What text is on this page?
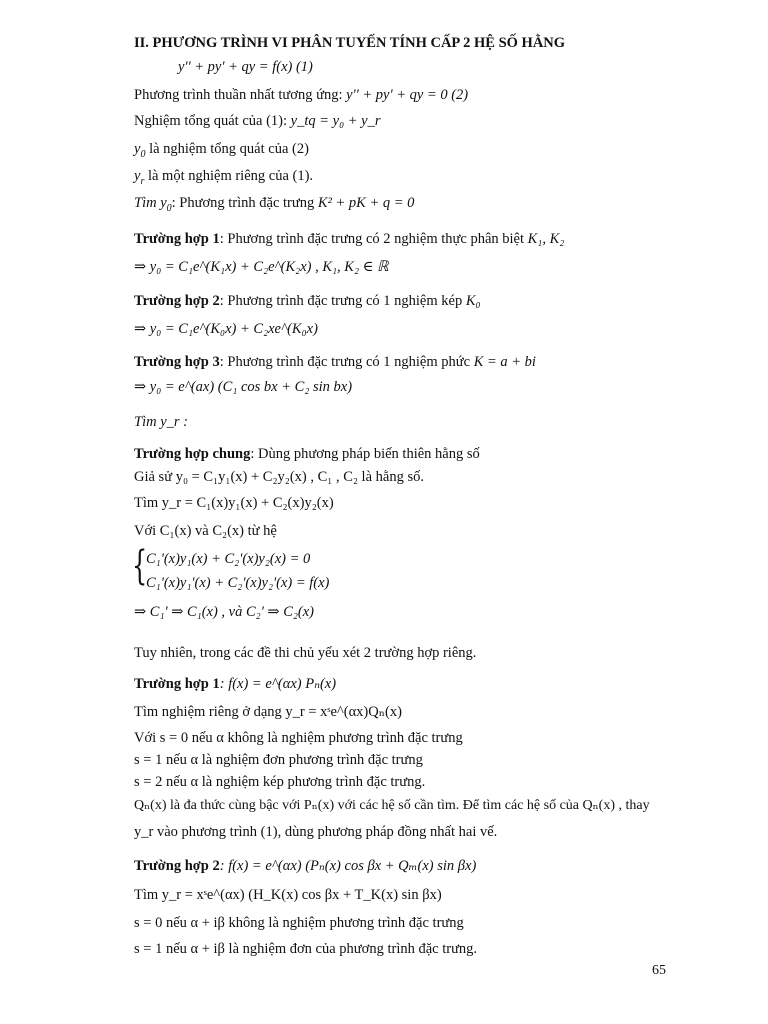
II. PHƯƠNG TRÌNH VI PHÂN TUYẾN TÍNH CẤP 2 HỆ SỐ HẰNG
y'' + py' + qy = f(x) (1)
Phương trình thuần nhất tương ứng: y'' + py' + qy = 0 (2)
Nghiệm tổng quát của (1): y_tq = y₀ + y_r
$y_0$ là nghiệm tổng quát của (2)
$y_r$ là một nghiệm riêng của (1).
Tìm $y_0$: Phương trình đặc trưng K² + pK + q = 0
Trường hợp 1: Phương trình đặc trưng có 2 nghiệm thực phân biệt K₁, K₂
⇒ y₀ = C₁e^(K₁x) + C₂e^(K₂x) , K₁, K₂ ∈ ℝ
Trường hợp 2: Phương trình đặc trưng có 1 nghiệm kép K₀
⇒ y₀ = C₁e^(K₀x) + C₂xe^(K₀x)
Trường hợp 3: Phương trình đặc trưng có 1 nghiệm phức K = a + bi
⇒ y₀ = e^(ax) (C₁ cos bx + C₂ sin bx)
Tìm y_r :
Trường hợp chung: Dùng phương pháp biến thiên hằng số
Giả sử y₀ = C₁y₁(x) + C₂y₂(x) , C₁ , C₂ là hằng số.
Tìm y_r = C₁(x)y₁(x) + C₂(x)y₂(x)
Với C₁(x) và C₂(x) từ hệ
{
C₁'(x)y₁(x) + C₂'(x)y₂(x) = 0
C₁'(x)y₁'(x) + C₂'(x)y₂'(x) = f(x)
⇒ C₁' ⇒ C₁(x) , và C₂' ⇒ C₂(x)
Tuy nhiên, trong các đề thi chủ yếu xét 2 trường hợp riêng.
Trường hợp 1: f(x) = e^(αx) Pₙ(x)
Tìm nghiệm riêng ở dạng y_r = xˢe^(αx)Qₙ(x)
Với s = 0 nếu α không là nghiệm phương trình đặc trưng
s = 1 nếu α là nghiệm đơn phương trình đặc trưng
s = 2 nếu α là nghiệm kép phương trình đặc trưng.
Qₙ(x) là đa thức cùng bậc với Pₙ(x) với các hệ số cần tìm. Để tìm các hệ số của Qₙ(x) , thay
y_r vào phương trình (1), dùng phương pháp đồng nhất hai vế.
Trường hợp 2: f(x) = e^(αx) (Pₙ(x) cos βx + Qₘ(x) sin βx)
Tìm y_r = xˢe^(αx) (H_K(x) cos βx + T_K(x) sin βx)
s = 0 nếu α + iβ không là nghiệm phương trình đặc trưng
s = 1 nếu α + iβ là nghiệm đơn của phương trình đặc trưng.
65
